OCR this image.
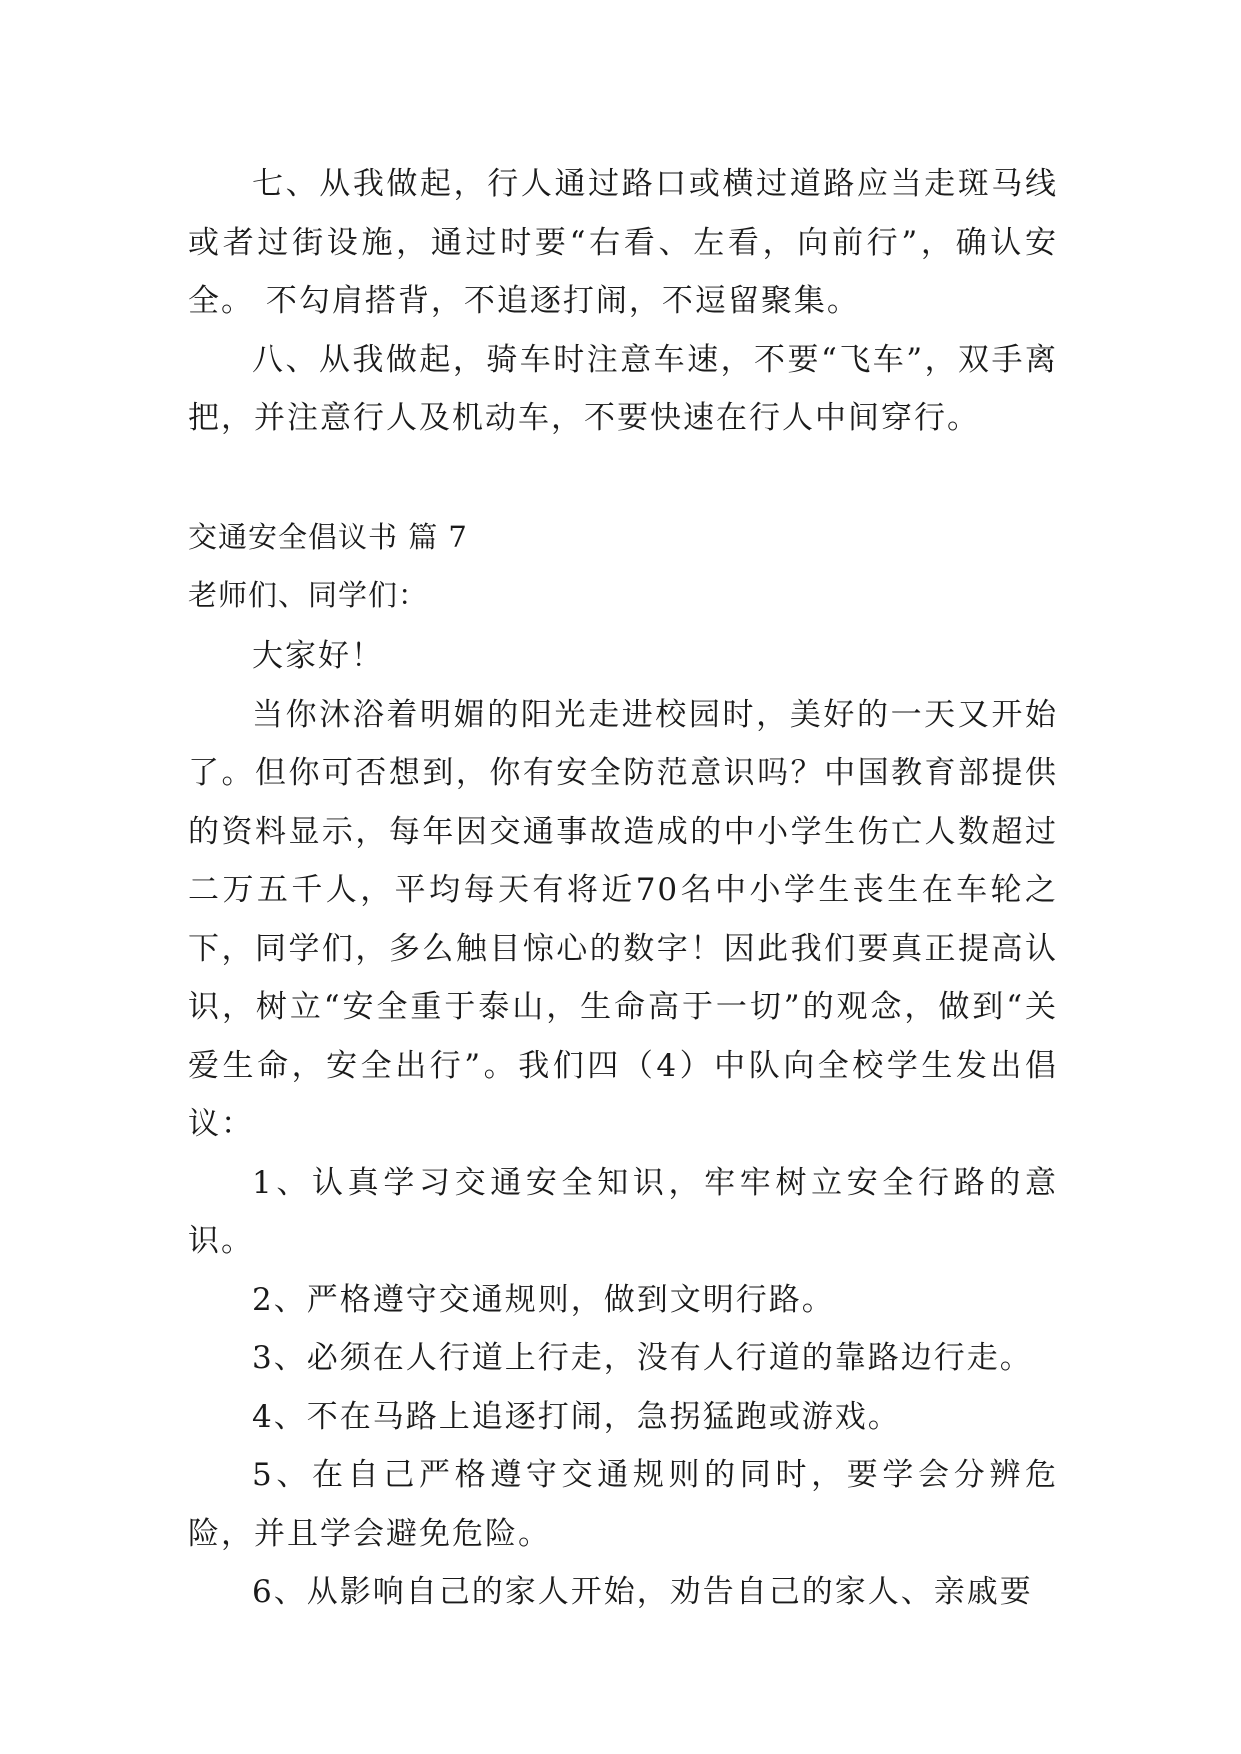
七、从我做起，行人通过路口或横过道路应当走斑马线或者过街设施，通过时要“右看、左看，向前行”，确认安全。 不勾肩搭背，不追逐打闹，不逗留聚集。

八、从我做起，骑车时注意车速，不要“飞车”，双手离把，并注意行人及机动车，不要快速在行人中间穿行。

交通安全倡议书 篇 7
老师们、同学们：

大家好！

当你沐浴着明媚的阳光走进校园时，美好的一天又开始了。但你可否想到，你有安全防范意识吗？中国教育部提供的资料显示，每年因交通事故造成的中小学生伤亡人数超过二万五千人，平均每天有将近70名中小学生丧生在车轮之下，同学们，多么触目惊心的数字！因此我们要真正提高认识，树立“安全重于泰山，生命高于一切”的观念，做到“关爱生命，安全出行”。我们四（4）中队向全校学生发出倡议：

1、认真学习交通安全知识，牢牢树立安全行路的意识。

2、严格遵守交通规则，做到文明行路。

3、必须在人行道上行走，没有人行道的靠路边行走。

4、不在马路上追逐打闹，急拐猛跑或游戏。

5、在自己严格遵守交通规则的同时，要学会分辨危险，并且学会避免危险。

6、从影响自己的家人开始，劝告自己的家人、亲戚要
